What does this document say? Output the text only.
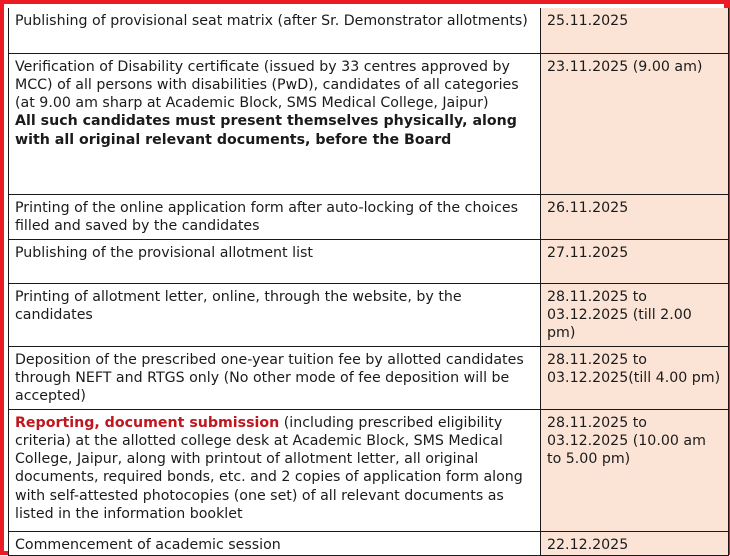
Publishing of provisional seat matrix (after Sr. Demonstrator allotments)	25.11.2025

Verification of Disability certificate (issued by 33 centres approved by MCC) of all persons with disabilities (PwD), candidates of all categories (at 9.00 am sharp at Academic Block, SMS Medical College, Jaipur)
All such candidates must present themselves physically, along with all original relevant documents, before the Board	23.11.2025 (9.00 am)
Printing of the online application form after auto-locking of the choices filled and saved by the candidates	26.11.2025
Publishing of the provisional allotment list	27.11.2025
Printing of allotment letter, online, through the website, by the candidates	28.11.2025 to 03.12.2025 (till 2.00 pm)
Deposition of the prescribed one-year tuition fee by allotted candidates through NEFT and RTGS only (No other mode of fee deposition will be accepted)	28.11.2025 to 03.12.2025(till 4.00 pm)
Reporting, document submission (including prescribed eligibility criteria) at the allotted college desk at Academic Block, SMS Medical College, Jaipur, along with printout of allotment letter, all original documents, required bonds, etc. and 2 copies of application form along with self-attested photocopies (one set) of all relevant documents as listed in the information booklet	28.11.2025 to 03.12.2025 (10.00 am to 5.00 pm)
Commencement of academic session	22.12.2025
